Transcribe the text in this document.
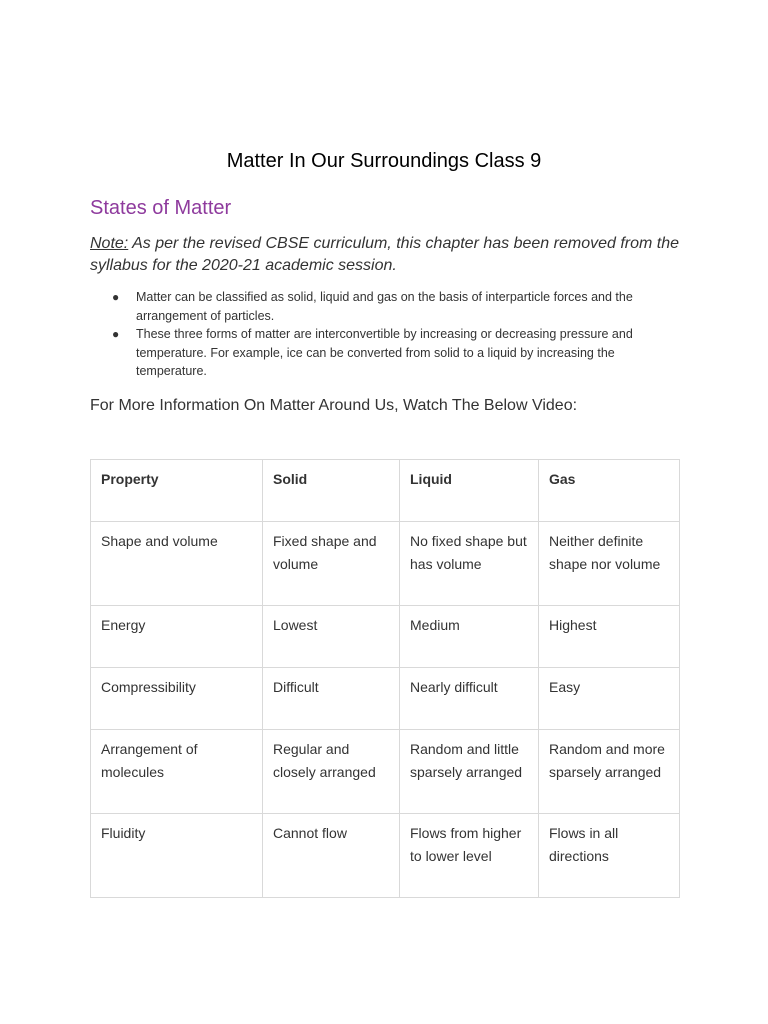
Matter In Our Surroundings Class 9
States of Matter

Note: As per the revised CBSE curriculum, this chapter has been removed from the syllabus for the 2020-21 academic session.

● Matter can be classified as solid, liquid and gas on the basis of interparticle forces and the arrangement of particles.
● These three forms of matter are interconvertible by increasing or decreasing pressure and temperature. For example, ice can be converted from solid to a liquid by increasing the temperature.

For More Information On Matter Around Us, Watch The Below Video:

Property	Solid	Liquid	Gas
Shape and volume	Fixed shape and volume	No fixed shape but has volume	Neither definite shape nor volume
Energy	Lowest	Medium	Highest
Compressibility	Difficult	Nearly difficult	Easy
Arrangement of molecules	Regular and closely arranged	Random and little sparsely arranged	Random and more sparsely arranged
Fluidity	Cannot flow	Flows from higher to lower level	Flows in all directions
